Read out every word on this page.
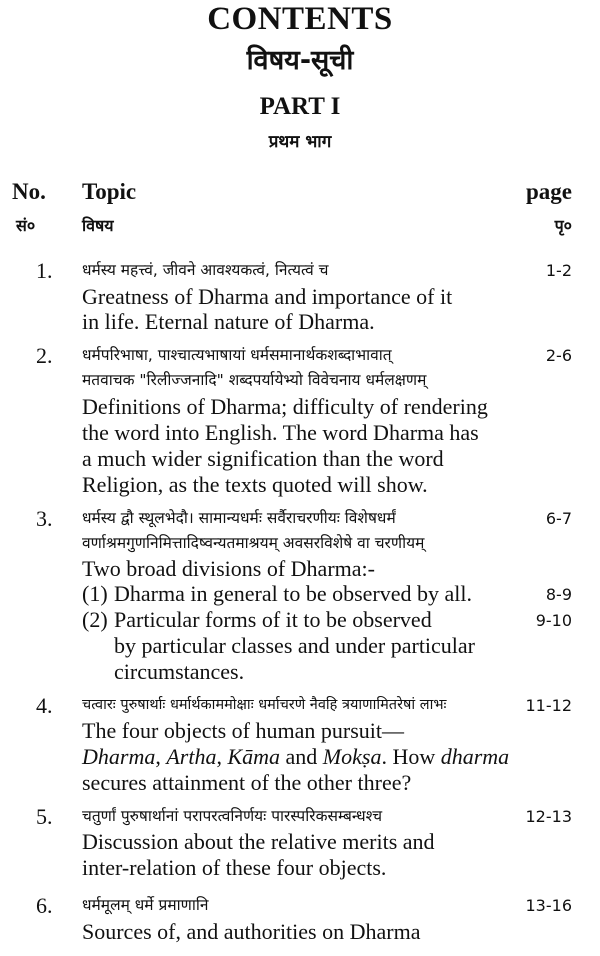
CONTENTS
विषय-सूची
PART I
प्रथम भाग
No. Topic	page
सं०	विषय	पृ०
1. धर्मस्य महत्त्वं, जीवने आवश्यकत्वं, नित्यत्वं च	1-2
Greatness of Dharma and importance of it
in life. Eternal nature of Dharma.
2. धर्मपरिभाषा, पाश्चात्यभाषायां धर्मसमानार्थकशब्दाभावात्	2-6
मतवाचक "रिलीज्जनादि" शब्दपर्यायेभ्यो विवेचनाय धर्मलक्षणम्
Definitions of Dharma; difficulty of rendering
the word into English. The word Dharma has
a much wider signification than the word
Religion, as the texts quoted will show.
3. धर्मस्य द्वौ स्थूलभेदौ। सामान्यधर्मः सर्वैराचरणीयः विशेषधर्मं	6-7
वर्णाश्रमगुणनिमित्तादिष्वन्यतमाश्रयम् अवसरविशेषे वा चरणीयम्
Two broad divisions of Dharma:-
(1) Dharma in general to be observed by all.	8-9
(2) Particular forms of it to be observed	9-10
by particular classes and under particular
circumstances.
4. चत्वारः पुरुषार्थाः धर्मार्थकाममोक्षाः धर्माचरणे नैवहि त्रयाणामितरेषां लाभः	11-12
The four objects of human pursuit—
Dharma, Artha, Kāma and Mokṣa. How dharma
secures attainment of the other three?
5. चतुर्णां पुरुषार्थानां परापरत्वनिर्णयः पारस्परिकसम्बन्धश्च	12-13
Discussion about the relative merits and
inter-relation of these four objects.
6. धर्ममूलम् धर्मे प्रमाणानि	13-16
Sources of, and authorities on Dharma
